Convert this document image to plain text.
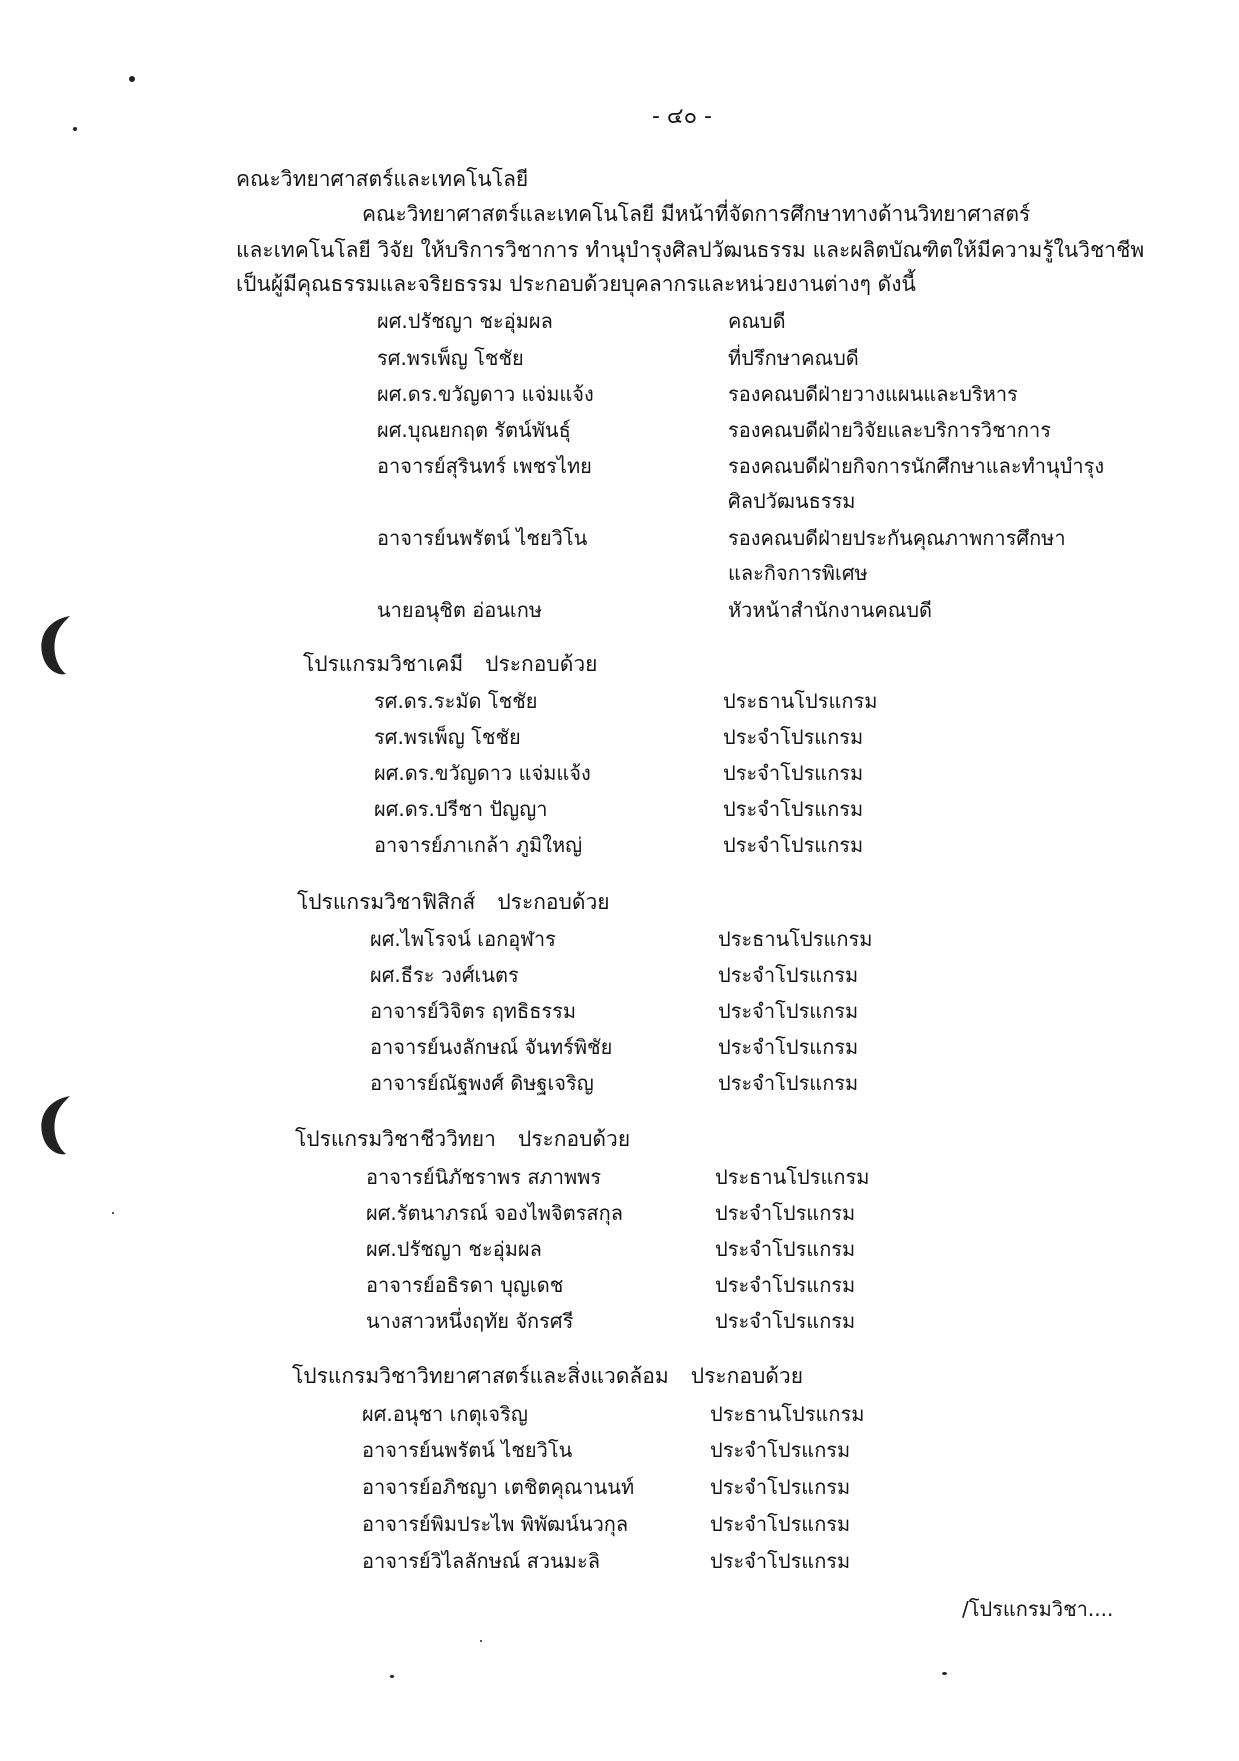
- ๔๐ -
คณะวิทยาศาสตร์และเทคโนโลยี
คณะวิทยาศาสตร์และเทคโนโลยี มีหน้าที่จัดการศึกษาทางด้านวิทยาศาสตร์
และเทคโนโลยี วิจัย ให้บริการวิชาการ ทำนุบำรุงศิลปวัฒนธรรม และผลิตบัณฑิตให้มีความรู้ในวิชาชีพ
เป็นผู้มีคุณธรรมและจริยธรรม ประกอบด้วยบุคลากรและหน่วยงานต่างๆ ดังนี้
ผศ.ปรัชญา ชะอุ่มผล	คณบดี
รศ.พรเพ็ญ โชชัย	ที่ปรึกษาคณบดี
ผศ.ดร.ขวัญดาว แจ่มแจ้ง	รองคณบดีฝ่ายวางแผนและบริหาร
ผศ.บุณยกฤต รัตน์พันธุ์	รองคณบดีฝ่ายวิจัยและบริการวิชาการ
อาจารย์สุรินทร์ เพชรไทย	รองคณบดีฝ่ายกิจการนักศึกษาและทำนุบำรุง
ศิลปวัฒนธรรม
อาจารย์นพรัตน์ ไชยวิโน	รองคณบดีฝ่ายประกันคุณภาพการศึกษา
และกิจการพิเศษ
นายอนุชิต อ่อนเกษ	หัวหน้าสำนักงานคณบดี
โปรแกรมวิชาเคมี ประกอบด้วย
รศ.ดร.ระมัด โชชัย	ประธานโปรแกรม
รศ.พรเพ็ญ โชชัย	ประจำโปรแกรม
ผศ.ดร.ขวัญดาว แจ่มแจ้ง	ประจำโปรแกรม
ผศ.ดร.ปรีชา ปัญญา	ประจำโปรแกรม
อาจารย์ภาเกล้า ภูมิใหญ่	ประจำโปรแกรม
โปรแกรมวิชาฟิสิกส์ ประกอบด้วย
ผศ.ไพโรจน์ เอกอุฬาร	ประธานโปรแกรม
ผศ.ธีระ วงศ์เนตร	ประจำโปรแกรม
อาจารย์วิจิตร ฤทธิธรรม	ประจำโปรแกรม
อาจารย์นงลักษณ์ จันทร์พิชัย	ประจำโปรแกรม
อาจารย์ณัฐพงศ์ ดิษฐเจริญ	ประจำโปรแกรม
โปรแกรมวิชาชีววิทยา ประกอบด้วย
อาจารย์นิภัชราพร สภาพพร	ประธานโปรแกรม
ผศ.รัตนาภรณ์ จองไพจิตรสกุล	ประจำโปรแกรม
ผศ.ปรัชญา ชะอุ่มผล	ประจำโปรแกรม
อาจารย์อธิรดา บุญเดช	ประจำโปรแกรม
นางสาวหนึ่งฤทัย จักรศรี	ประจำโปรแกรม
โปรแกรมวิชาวิทยาศาสตร์และสิ่งแวดล้อม ประกอบด้วย
ผศ.อนุชา เกตุเจริญ	ประธานโปรแกรม
อาจารย์นพรัตน์ ไชยวิโน	ประจำโปรแกรม
อาจารย์อภิชญา เตชิตคุณานนท์	ประจำโปรแกรม
อาจารย์พิมประไพ พิพัฒน์นวกุล	ประจำโปรแกรม
อาจารย์วิไลลักษณ์ สวนมะลิ	ประจำโปรแกรม
/โปรแกรมวิชา....
